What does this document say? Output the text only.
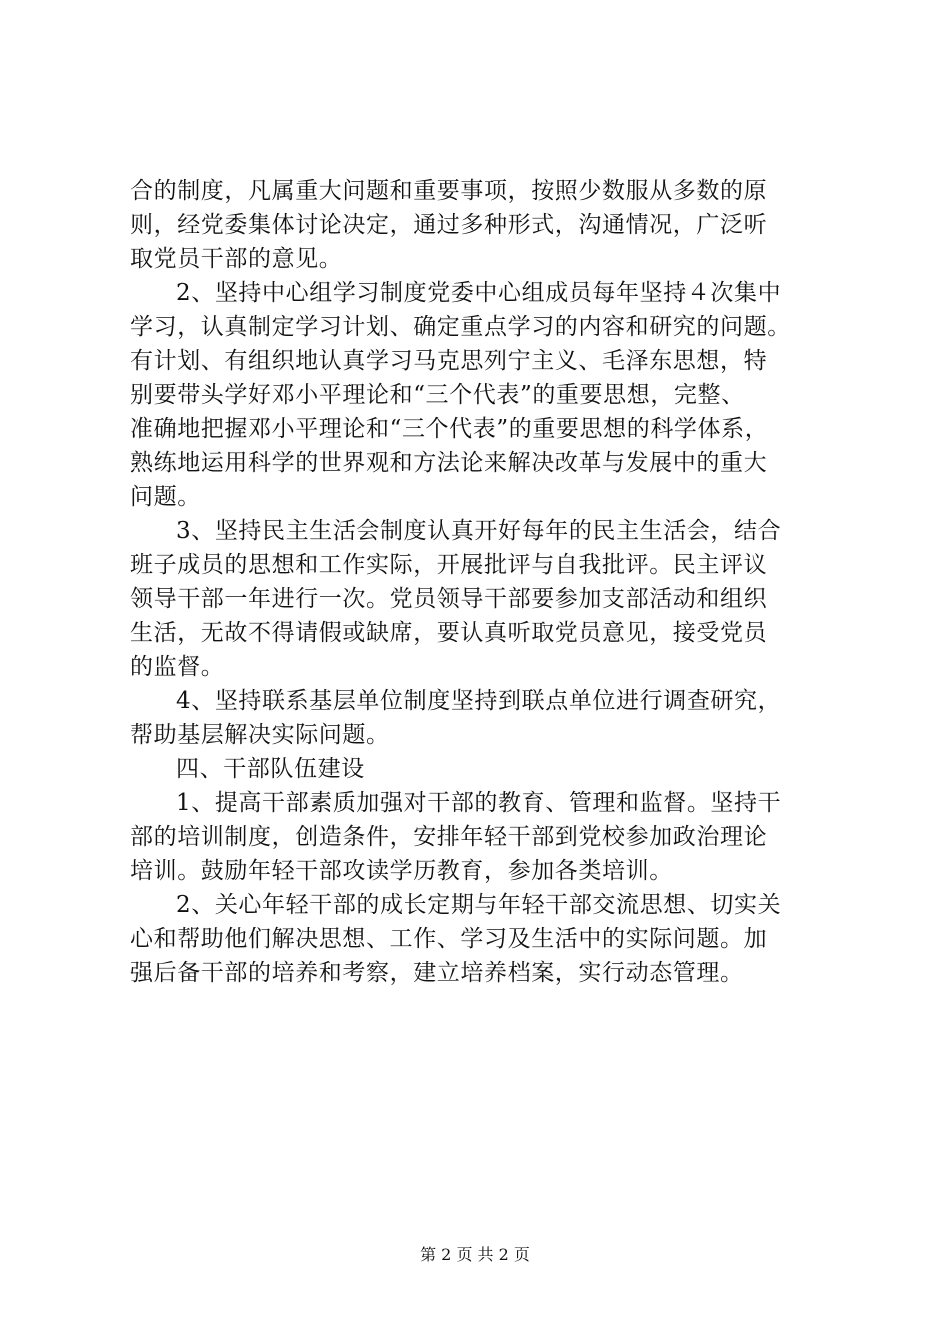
合的制度，凡属重大问题和重要事项，按照少数服从多数的原
则，经党委集体讨论决定，通过多种形式，沟通情况，广泛听
取党员干部的意见。
2、坚持中心组学习制度党委中心组成员每年坚持４次集中
学习，认真制定学习计划、确定重点学习的内容和研究的问题。
有计划、有组织地认真学习马克思列宁主义、毛泽东思想，特
别要带头学好邓小平理论和“三个代表”的重要思想，完整、
准确地把握邓小平理论和“三个代表”的重要思想的科学体系，
熟练地运用科学的世界观和方法论来解决改革与发展中的重大
问题。
3、坚持民主生活会制度认真开好每年的民主生活会，结合
班子成员的思想和工作实际，开展批评与自我批评。民主评议
领导干部一年进行一次。党员领导干部要参加支部活动和组织
生活，无故不得请假或缺席，要认真听取党员意见，接受党员
的监督。
4、坚持联系基层单位制度坚持到联点单位进行调查研究，
帮助基层解决实际问题。
四、干部队伍建设
1、提高干部素质加强对干部的教育、管理和监督。坚持干
部的培训制度，创造条件，安排年轻干部到党校参加政治理论
培训。鼓励年轻干部攻读学历教育，参加各类培训。
2、关心年轻干部的成长定期与年轻干部交流思想、切实关
心和帮助他们解决思想、工作、学习及生活中的实际问题。加
强后备干部的培养和考察，建立培养档案，实行动态管理。
第 2 页 共 2 页
